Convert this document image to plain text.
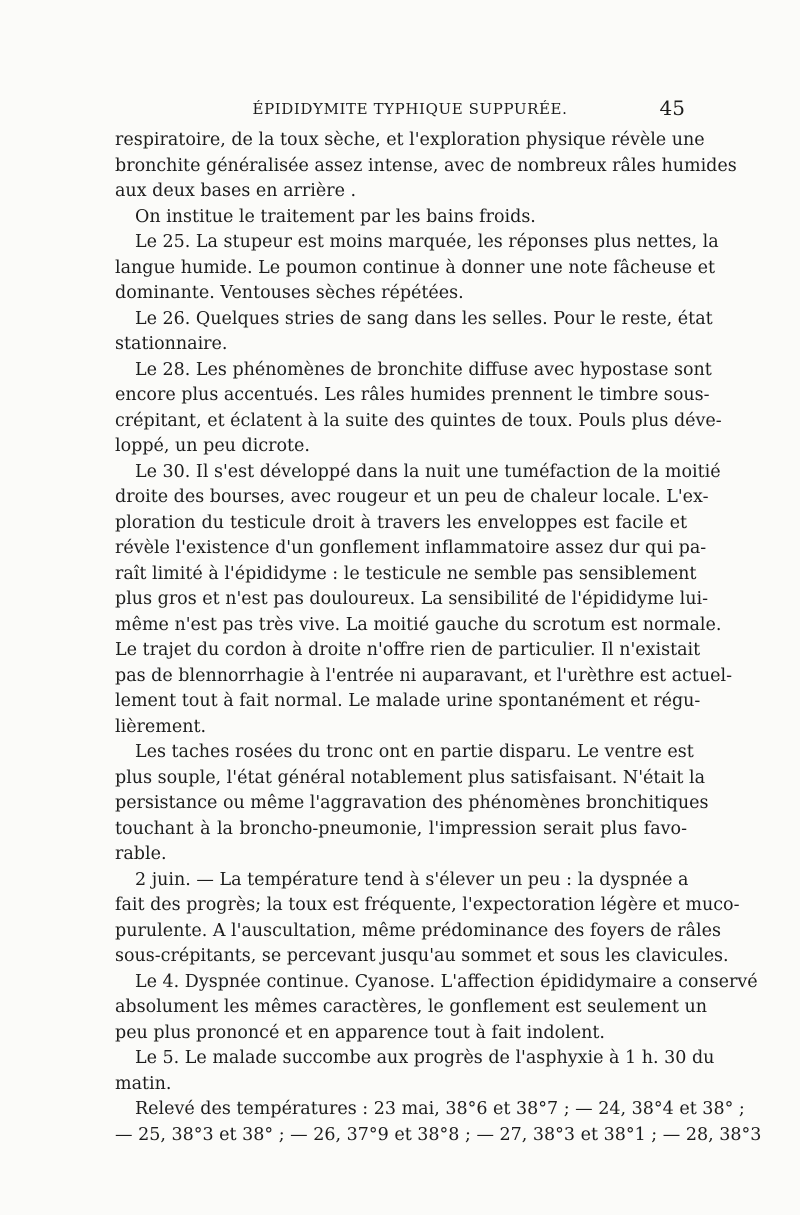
ÉPIDIDYMITE TYPHIQUE SUPPURÉE.	45
respiratoire, de la toux sèche, et l'exploration physique révèle une
bronchite généralisée assez intense, avec de nombreux râles humides
aux deux bases en arrière .
On institue le traitement par les bains froids.
Le 25. La stupeur est moins marquée, les réponses plus nettes, la
langue humide. Le poumon continue à donner une note fâcheuse et
dominante. Ventouses sèches répétées.
Le 26. Quelques stries de sang dans les selles. Pour le reste, état
stationnaire.
Le 28. Les phénomènes de bronchite diffuse avec hypostase sont
encore plus accentués. Les râles humides prennent le timbre sous-
crépitant, et éclatent à la suite des quintes de toux. Pouls plus déve-
loppé, un peu dicrote.
Le 30. Il s'est développé dans la nuit une tuméfaction de la moitié
droite des bourses, avec rougeur et un peu de chaleur locale. L'ex-
ploration du testicule droit à travers les enveloppes est facile et
révèle l'existence d'un gonflement inflammatoire assez dur qui pa-
raît limité à l'épididyme : le testicule ne semble pas sensiblement
plus gros et n'est pas douloureux. La sensibilité de l'épididyme lui-
même n'est pas très vive. La moitié gauche du scrotum est normale.
Le trajet du cordon à droite n'offre rien de particulier. Il n'existait
pas de blennorrhagie à l'entrée ni auparavant, et l'urèthre est actuel-
lement tout à fait normal. Le malade urine spontanément et régu-
lièrement.
Les taches rosées du tronc ont en partie disparu. Le ventre est
plus souple, l'état général notablement plus satisfaisant. N'était la
persistance ou même l'aggravation des phénomènes bronchitiques
touchant à la broncho-pneumonie, l'impression serait plus favo-
rable.
2 juin. — La température tend à s'élever un peu : la dyspnée a
fait des progrès; la toux est fréquente, l'expectoration légère et muco-
purulente. A l'auscultation, même prédominance des foyers de râles
sous-crépitants, se percevant jusqu'au sommet et sous les clavicules.
Le 4. Dyspnée continue. Cyanose. L'affection épididymaire a conservé
absolument les mêmes caractères, le gonflement est seulement un
peu plus prononcé et en apparence tout à fait indolent.
Le 5. Le malade succombe aux progrès de l'asphyxie à 1 h. 30 du
matin.
Relevé des températures : 23 mai, 38°6 et 38°7 ; — 24, 38°4 et 38° ;
— 25, 38°3 et 38° ; — 26, 37°9 et 38°8 ; — 27, 38°3 et 38°1 ; — 28, 38°3
